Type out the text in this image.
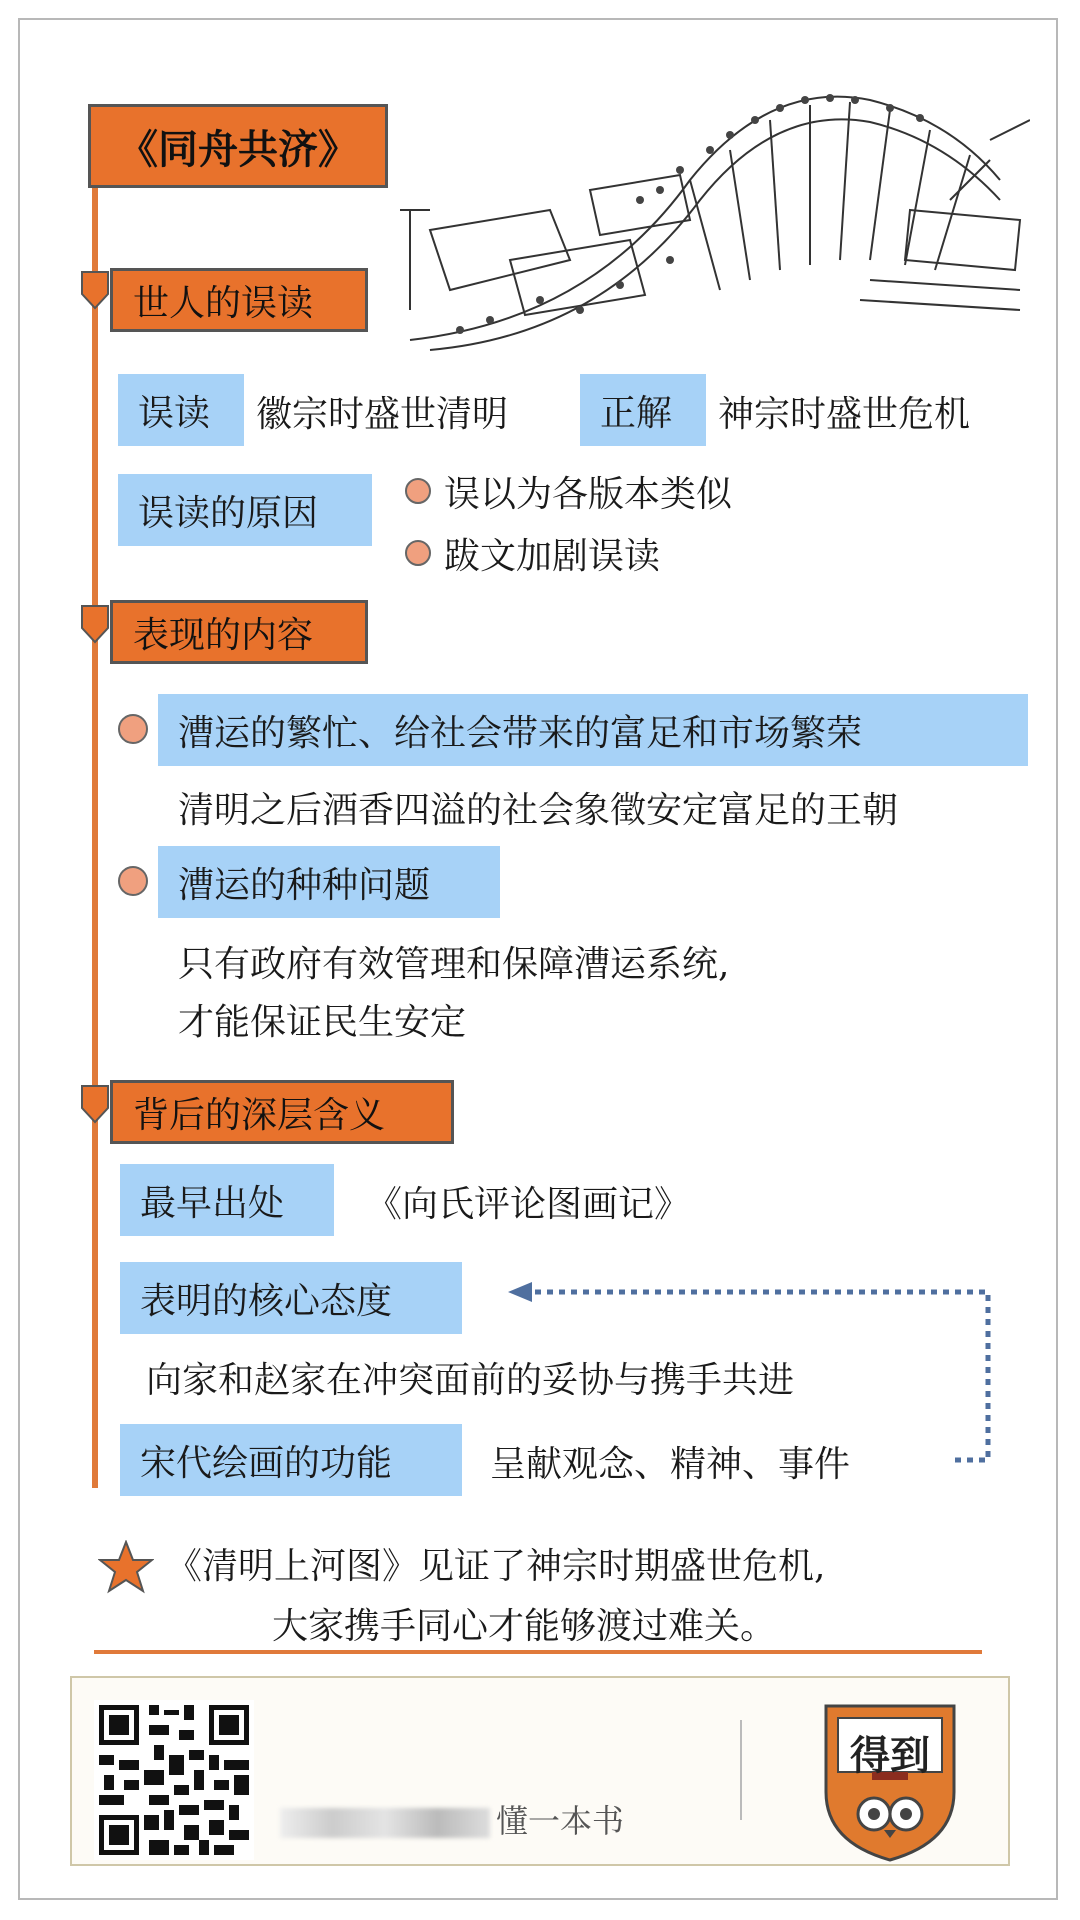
《同舟共济》
世人的误读
误读	徽宗时盛世清明	正解	神宗时盛世危机
误读的原因	误以为各版本类似
跋文加剧误读
表现的内容
漕运的繁忙、给社会带来的富足和市场繁荣
清明之后酒香四溢的社会象徵安定富足的王朝
漕运的种种问题
只有政府有效管理和保障漕运系统,
才能保证民生安定
背后的深层含义
最早出处	《向氏评论图画记》
表明的核心态度
向家和赵家在冲突面前的妥协与携手共进
宋代绘画的功能	呈献观念、精神、事件
《清明上河图》见证了神宗时期盛世危机,
大家携手同心才能够渡过难关。
懂一本书
得到
